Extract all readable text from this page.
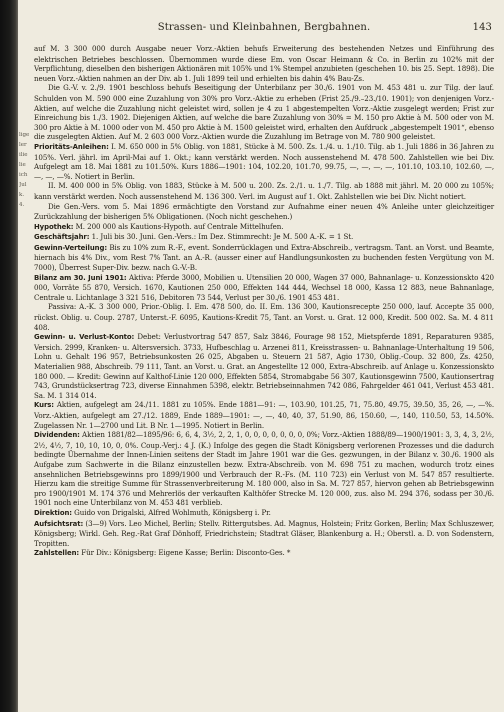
lige
ler
ilie
lie
ich
Jul
k.
4.
Strassen- und Kleinbahnen, Bergbahnen.	143

auf M. 3 300 000 durch Ausgabe neuer Vorz.-Aktien behufs Erweiterung des bestehenden Netzes und Einführung des elektrischen Betriebes beschlossen. Übernommen wurde diese Em. von Oscar Heimann & Co. in Berlin zu 102% mit der Verpflichtung, dieselben den bisherigen Aktionären mit 105% und 1% Stempel anzubieten (geschehen 10. bis 25. Sept. 1898). Die neuen Vorz.-Aktien nahmen an der Div. ab 1. Juli 1899 teil und erhielten bis dahin 4% Bau-Zs.

Die G.-V. v. 2./9. 1901 beschloss behufs Beseitigung der Unterbilanz per 30./6. 1901 von M. 453 481 u. zur Tilg. der lauf. Schulden von M. 590 000 eine Zuzahlung von 30% pro Vorz.-Aktie zu erheben (Frist 25./9.–23./10. 1901); von denjenigen Vorz.-Aktien, auf welche die Zuzahlung nicht geleistet wird, sollen je 4 zu 1 abgestempelten Vorz.-Aktie zusgelegt werden; Frist zur Einreichung bis 1./3. 1902. Diejenigen Aktien, auf welche die bare Zuzahlung von 30% = M. 150 pro Aktie à M. 500 oder von M. 300 pro Aktie à M. 1000 oder von M. 450 pro Aktie à M. 1500 geleistet wird, erhalten den Aufdruck „abgestempelt 1901“, ebenso die zusgelegten Aktien. Auf M. 2 603 000 Vorz.-Aktien wurde die Zuzahlung im Betrage von M. 780 900 geleistet.

Prioritäts-Anleihen: I. M. 650 000 in 5% Oblig. von 1881, Stücke à M. 500. Zs. 1./4. u. 1./10. Tilg. ab 1. Juli 1886 in 36 Jahren zu 105%. Verl. jährl. im April-Mai auf 1. Okt.; kann verstärkt werden. Noch aussenstehend M. 478 500. Zahlstellen wie bei Div. Aufgelegt am 18. Mai 1881 zu 101.50%. Kurs 1886—1901: 104, 102.20, 101.70, 99.75, —, —, —, —, 101.10, 103.10, 102.60, —, —, —, —%. Notiert in Berlin.

II. M. 400 000 in 5% Oblig. von 1883, Stücke à M. 500 u. 200. Zs. 2./1. u. 1./7. Tilg. ab 1888 mit jährl. M. 20 000 zu 105%; kann verstärkt werden. Noch aussenstehend M. 136 300. Verl. im August auf 1. Okt. Zahlstellen wie bei Div. Nicht notiert.

Die Gen.-Vers. vom 5. Mai 1896 ermächtigte den Vorstand zur Aufnahme einer neuen 4% Anleihe unter gleichzeitiger Zurückzahlung der bisherigen 5% Obligationen. (Noch nicht geschehen.)

Hypothek: M. 200 000 als Kautions-Hypoth. auf Centrale Mittelhufen.

Geschäftsjahr: 1. Juli bis 30. Juni. Gen.-Vers.: Im Dez. Stimmrecht: Je M. 500 A.-K. = 1 St.

Gewinn-Verteilung: Bis zu 10% zum R.-F., event. Sonderrücklagen und Extra-Abschreib., vertragsm. Tant. an Vorst. und Beamte, hiernach bis 4% Div., vom Rest 7% Tant. an A.-R. (ausser einer auf Handlungsunkosten zu buchenden festen Vergütung von M. 7000), Überrest Super-Div. bezw. nach G.-V.-B.

Bilanz am 30. Juni 1901: Aktiva: Pferde 3000, Mobilien u. Utensilien 20 000, Wagen 37 000, Bahnanlage- u. Konzessionskto 420 000, Vorräte 55 870, Versich. 1670, Kautionen 250 000, Effekten 144 444, Wechsel 18 000, Kassa 12 883, neue Bahnanlage, Centrale u. Lichtanlage 3 321 516, Debitoren 73 544, Verlust per 30./6. 1901 453 481.

Passiva: A.-K. 3 300 000, Prior.-Oblig. I. Em. 478 500, do. II. Em. 136 300, Kautionsrecepte 250 000, lauf. Accepte 35 000, rückst. Oblig. u. Coup. 2787, Unterst.-F. 6095, Kautions-Kredit 75, Tant. an Vorst. u. Grat. 12 000, Kredit. 500 002. Sa. M. 4 811 408.

Gewinn- u. Verlust-Konto: Debet: Verlustvortrag 547 857, Salz 3846, Fourage 98 152, Mietspferde 1891, Reparaturen 9385, Versich. 2999, Kranken- u. Altersversich. 3733, Hufbeschlag u. Arzenei 811, Kreisstrassen- u. Bahnanlage-Unterhaltung 19 506, Lohn u. Gehalt 196 957, Betriebsunkosten 26 025, Abgaben u. Steuern 21 587, Agio 1730, Oblig.-Coup. 32 800, Zs. 4250, Materialien 988, Abschreib. 79 111, Tant. an Vorst. u. Grat. an Angestellte 12 000, Extra-Abschreib. auf Anlage u. Konzessionskto 180 000. — Kredit: Gewinn auf Kalthof-Linie 120 000, Effekten 5854, Stromabgabe 56 307, Kautionsgewinn 7500, Kautionsertrag 743, Grundstücksertrag 723, diverse Einnahmen 5398, elektr. Betriebseinnahmen 742 086, Fahrgelder 461 041, Verlust 453 481. Sa. M. 1 314 014.

Kurs: Aktien, aufgelegt am 24./11. 1881 zu 105%. Ende 1881—91: —, 103.90, 101.25, 71, 75.80, 49.75, 39.50, 35, 26, —, —%. Vorz.-Aktien, aufgelegt am 27./12. 1889, Ende 1889—1901: —, —, 40, 40, 37, 51.90, 86, 150.60, —, 140, 110.50, 53, 14.50%. Zugelassen Nr. 1—2700 und Lit. B Nr. 1—1995. Notiert in Berlin.

Dividenden: Aktien 1881/82—1895/96: 6, 6, 4, 3½, 2, 2, 1, 0, 0, 0, 0, 0, 0, 0, 0%; Vorz.-Aktien 1888/89—1900/1901: 3, 3, 4, 3, 2½, 2½, 4½, 7, 10, 10, 10, 0, 0%. Coup.-Verj.: 4 J. (K.) Infolge des gegen die Stadt Königsberg verlorenen Prozesses und die dadurch bedingte Übernahme der Innen-Linien seitens der Stadt im Jahre 1901 war die Ges. gezwungen, in der Bilanz v. 30./6. 1900 als Aufgabe zum Sachwerte in die Bilanz einzustellen bezw. Extra-Abschreib. von M. 698 751 zu machen, wodurch trotz eines ansehnlichen Betriebsgewinns pro 1899/1900 und Verbrauch der R.-Fs. (M. 110 723) ein Verlust von M. 547 857 resultierte. Hierzu kam die streitige Summe für Strassenverbreiterung M. 180 000, also in Sa. M. 727 857, hiervon gehen ab Betriebsgewinn pro 1900/1901 M. 174 376 und Mehrerlös der verkauften Kalthöfer Strecke M. 120 000, zus. also M. 294 376, sodass per 30./6. 1901 noch eine Unterbilanz von M. 453 481 verblieb.

Direktion: Guido von Drigalski, Alfred Wohlmuth, Königsberg i. Pr.

Aufsichtsrat: (3—9) Vors. Leo Michel, Berlin; Stellv. Rittergutsbes. Ad. Magnus, Holstein; Fritz Gorken, Berlin; Max Schluszewer, Königsberg; Wirkl. Geh. Reg.-Rat Graf Dönhoff, Friedrichstein; Stadtrat Gläser, Blankenburg a. H.; Oberstl. a. D. von Sodenstern, Tropitten.

Zahlstellen: Für Div.: Königsberg: Eigene Kasse; Berlin: Disconto-Ges. *
